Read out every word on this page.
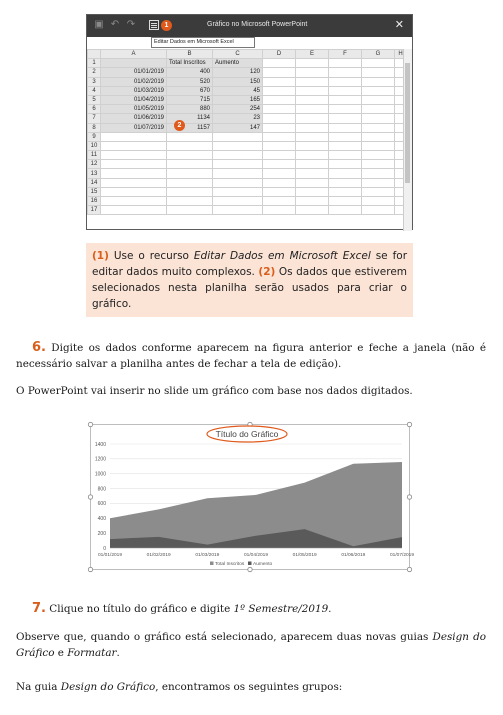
▣ ↶ ↷	1	Gráfico no Microsoft PowerPoint	✕
Editar Dados em Microsoft Excel
	A	B	C	D	E	F	G	H
1		Total Inscritos	Aumento					
2	01/01/2019	400	120					
3	01/02/2019	520	150					
4	01/03/2019	670	45					
5	01/04/2019	715	165					
6	01/05/2019	880	254					
7	01/06/2019	1134	23					
8	01/07/2019	1157	147					
9								
10								
11								
12								
13								
14								
15								
16								
17								
2
(1) Use o recurso Editar Dados em Microsoft Excel se for editar dados muito complexos. (2) Os dados que estiverem selecionados nesta planilha serão usados para criar o gráfico.
6. Digite os dados conforme aparecem na figura anterior e feche a janela (não é necessário salvar a planilha antes de fechar a tela de edição).
O PowerPoint vai inserir no slide um gráfico com base nos dados digitados.
0
200
400
600
800
1000
1200
1400
01/01/2019	01/02/2019	01/03/2019	01/04/2019	01/05/2019	01/06/2019	01/07/2019
Total Inscritos Aumento
Título do Gráfico
7. Clique no título do gráfico e digite 1º Semestre/2019.
Observe que, quando o gráfico está selecionado, aparecem duas novas guias Design do Gráfico e Formatar.
Na guia Design do Gráfico, encontramos os seguintes grupos:
